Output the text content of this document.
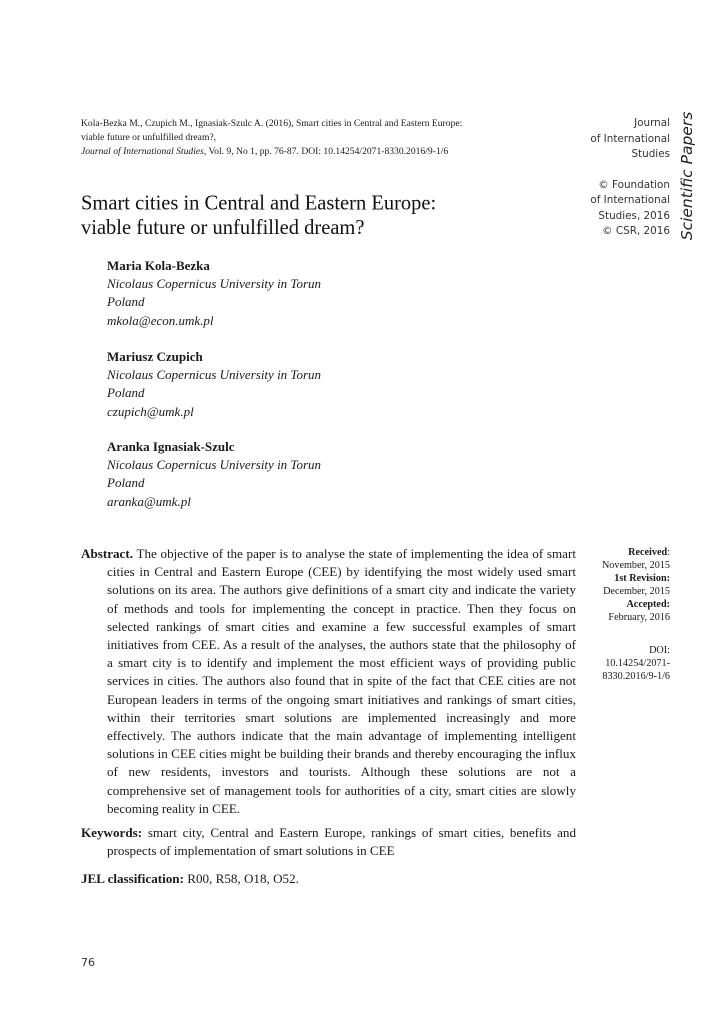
Kola-Bezka M., Czupich M., Ignasiak-Szulc A. (2016), Smart cities in Central and Eastern Europe:
viable future or unfulfilled dream?,
Journal of International Studies, Vol. 9, No 1, pp. 76-87. DOI: 10.14254/2071-8330.2016/9-1/6
Journal
of International
Studies
© Foundation
of International
Studies, 2016
© CSR, 2016 Scientific Papers
Smart cities in Central and Eastern Europe:
viable future or unfulfilled dream?
Maria Kola-Bezka
Nicolaus Copernicus University in Torun
Poland
mkola@econ.umk.pl
Mariusz Czupich
Nicolaus Copernicus University in Torun
Poland
czupich@umk.pl
Aranka Ignasiak-Szulc
Nicolaus Copernicus University in Torun
Poland
aranka@umk.pl
Abstract. The objective of the paper is to analyse the state of implementing the idea of smart cities in Central and Eastern Europe (CEE) by identifying the most widely used smart solutions on its area. The authors give definitions of a smart city and indicate the variety of methods and tools for implementing the concept in practice. Then they focus on selected rankings of smart cities and examine a few successful examples of smart initiatives from CEE. As a result of the analyses, the authors state that the philosophy of a smart city is to identify and implement the most efficient ways of providing public services in cities. The authors also found that in spite of the fact that CEE cities are not European leaders in terms of the ongoing smart initiatives and rankings of smart cities, within their territories smart solutions are implemented increasingly and more effectively. The authors indicate that the main advantage of implementing intelligent solutions in CEE cities might be building their brands and thereby encouraging the influx of new residents, investors and tourists. Although these solutions are not a comprehensive set of management tools for authorities of a city, smart cities are slowly becoming reality in CEE.
Keywords: smart city, Central and Eastern Europe, rankings of smart cities, benefits and prospects of implementation of smart solutions in CEE
JEL classification: R00, R58, O18, O52.
Received:
November, 2015
1st Revision:
December, 2015
Accepted:
February, 2016
DOI:
10.14254/2071-
8330.2016/9-1/6
76
